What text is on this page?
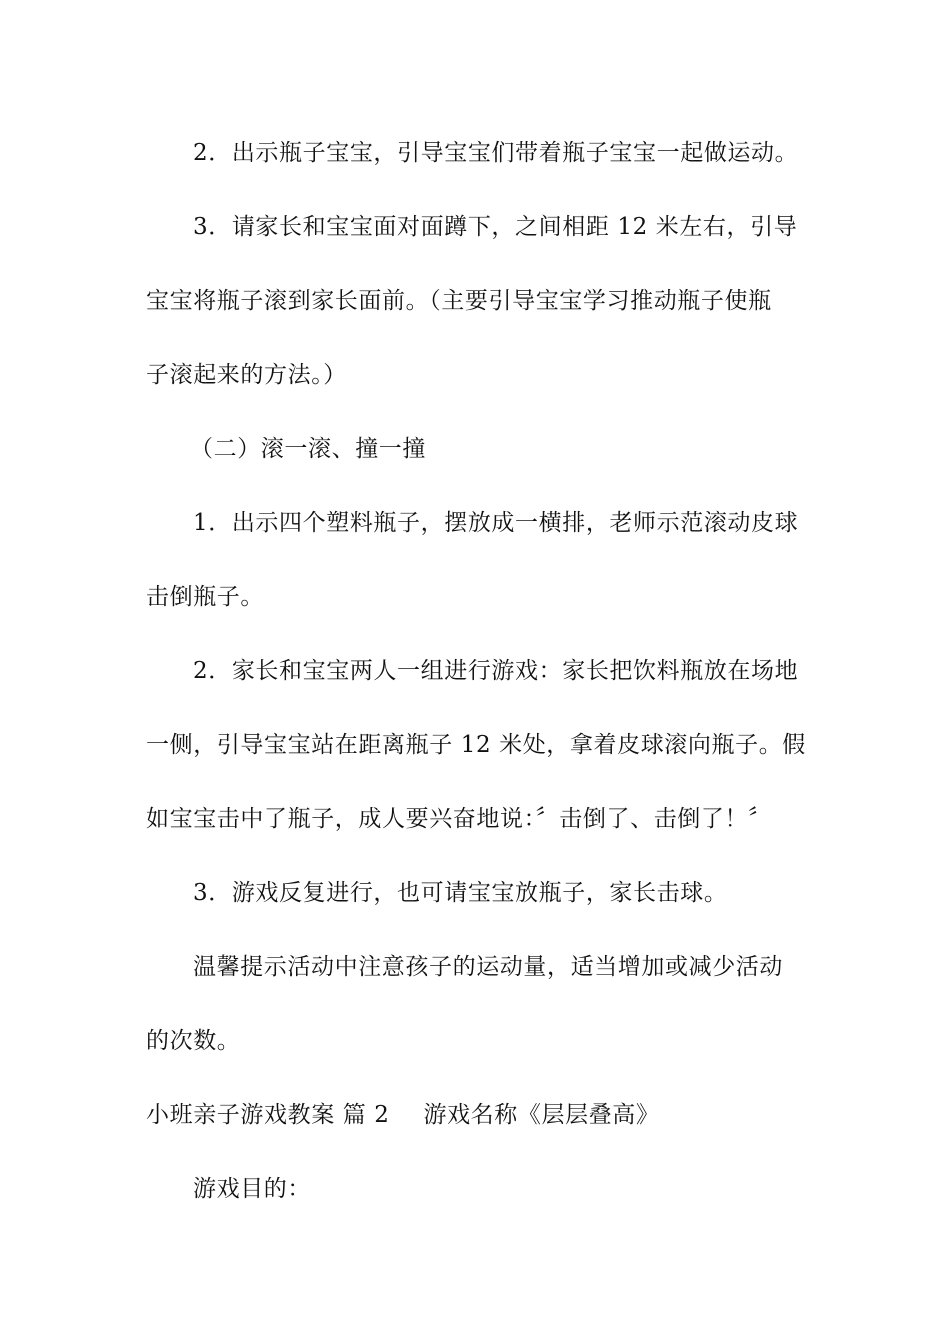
2．出示瓶子宝宝，引导宝宝们带着瓶子宝宝一起做运动。
3．请家长和宝宝面对面蹲下，之间相距 12 米左右，引导
宝宝将瓶子滚到家长面前。（主要引导宝宝学习推动瓶子使瓶
子滚起来的方法。）
（二）滚一滚、撞一撞
1．出示四个塑料瓶子，摆放成一横排，老师示范滚动皮球
击倒瓶子。
2．家长和宝宝两人一组进行游戏：家长把饮料瓶放在场地
一侧，引导宝宝站在距离瓶子 12 米处，拿着皮球滚向瓶子。假
如宝宝击中了瓶子，成人要兴奋地说：〞击倒了、击倒了！〞
3．游戏反复进行，也可请宝宝放瓶子，家长击球。
温馨提示活动中注意孩子的运动量，适当增加或减少活动
的次数。
小班亲子游戏教案 篇 2 游戏名称《层层叠高》
游戏目的：
